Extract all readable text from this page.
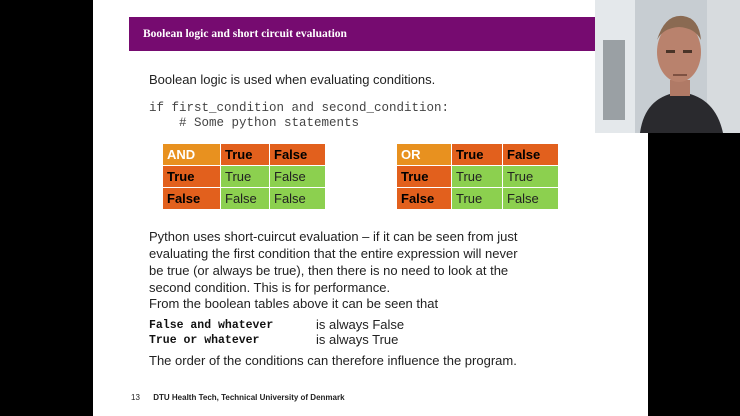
Boolean logic and short circuit evaluation
Boolean logic is used when evaluating conditions.
if first_condition and second_condition:
# Some python statements
AND	True	False
True	True	False
False	False	False
OR	True	False
True	True	True
False	True	False
Python uses short-cuircut evaluation – if it can be seen from just
evaluating the first condition that the entire expression will never
be true (or always be true), then there is no need to look at the
second condition. This is for performance.
From the boolean tables above it can be seen that
False and whatever	is always False
True or whatever	is always True
The order of the conditions can therefore influence the program.
13 DTU Health Tech, Technical University of Denmark
